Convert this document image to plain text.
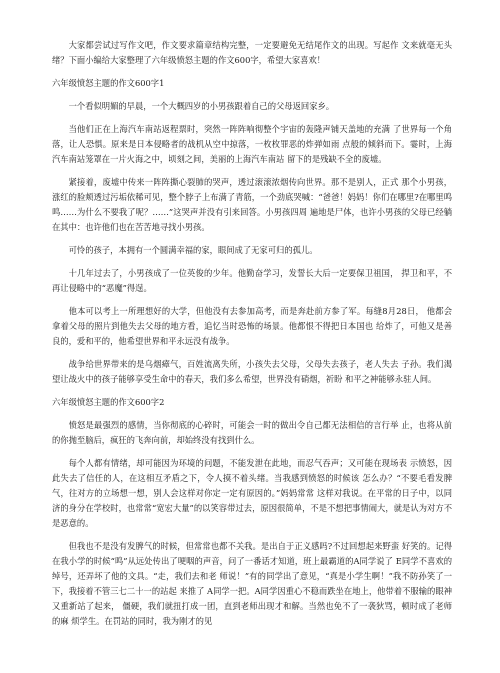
大家都尝试过写作文吧，作文要求篇章结构完整，一定要避免无结尾作文的出现。写起作 文来就毫无头绪？下面小编给大家整理了六年级愤怒主题的作文600字，希望大家喜欢！

六年级愤怒主题的作文600字1

一个看似明媚的早晨，一个大概四岁的小男孩跟着自己的父母返回家乡。

当他们正在上海汽车南站返程票时，突然一阵阵响彻整个宇宙的轰隆声铺天盖地的充满 了世界每一个角落，让人恐惧。原来是日本侵略者的战机从空中掠落，一枚枚罪恶的炸弹如雨 点般的倾斜而下。霎时，上海汽车南站笼罩在一片火海之中，顷刻之间，美丽的上海汽车南站 留下的是残缺不全的废墟。

紧接着，废墟中传来一阵阵撕心裂肺的哭声，透过滚滚浓烟传向世界。那不是别人，正式 那个小男孩，涨红的脸颊透过污垢依稀可见，整个脖子上布满了青筋，一个劲底哭喊：“爸爸！妈妈！你们在哪里?在哪里鸣鸣……为什么不要我了呢？……”这哭声并没有引来回答。小男孩四周 遍地是尸体，也许小男孩的父母已经躺在其中：也许他们也在苦苦地寻找小男孩。

可怜的孩子，本拥有一个圆满幸福的家，眼间成了无家可归的孤儿。

十几年过去了，小男孩成了一位英俊的少年。他勤奋学习，发誓长大后一定要保卫祖国， 捍卫和平，不再让侵略中的“恶魔”得逞。

他本可以考上一所理想好的大学，但他没有去参加高考，而是奔赴前方参了军。每缝8月28日， 他都会拿着父母的照片到他失去父母的地方看，追忆当时恐怖的场景。他都恨不得把日本国也 给炸了，可他又是善良的，爱和平的，他希望世界和平永远没有战争。

战争给世界带来的是乌烟瘴气，百姓流离失所，小孩失去父母，父母失去孩子，老人失去 子孙。我们渴望让战火中的孩子能够享受生命中的春天，我们多么希望，世界没有硝烟，祈盼 和平之神能够永驻人间。

六年级愤怒主题的作文600字2

愤怒是最强烈的感情，当你彻底的心碎时，可能会一时的做出令自己都无法相信的言行举 止，也将从前的你抛至脑后，疯狂的飞奔向前，却始终没有找到什么。

每个人都有情绪，却可能因为环境的问题，不能发泄在此地，而忍气吞声；又可能在现场表 示愤怒，因此失去了信任的人，在这相互矛盾之下，令人摸不着头绪。当我感到愤怒的时候该 怎么办？“不要毛看发脾气，往对方的立场想一想，别人会这样对你定一定有原因的。”妈妈常常 这样对我说。在平常的日子中，以同济的身分在学校时，也常常“宽宏大量”的以笑容带过去，原因很简单，不是不想把事情闹大，就是认为对方不是恶意的。

但我也不是没有发脾气的时候，但常常也都不关我。是出自于正义感吗?不过回想起来野蛮 好笑的。记得在我小学的时候“鸣”从远处传出了哽咽的声音，问了一番话才知道，班上最霸道的A同学说了 E同学不喜欢的绰号，还弄坏了他的文具。“走，我们去和老 师说！”有的同学出了意见，“真是小学生啊！”我不防孙笑了一下，我接着不管三七二十一的站起 来推了 A同学一把。A同学因重心不稳而跌坐在地上，他带着不服输的眼神又重新站了起来， 僵硬，我们就扭打成一团，直到老师出现才和解。当然也免不了一袭狄骂，顿时成了老师的麻 烦学生。在罚站的同时，我为刚才的见
